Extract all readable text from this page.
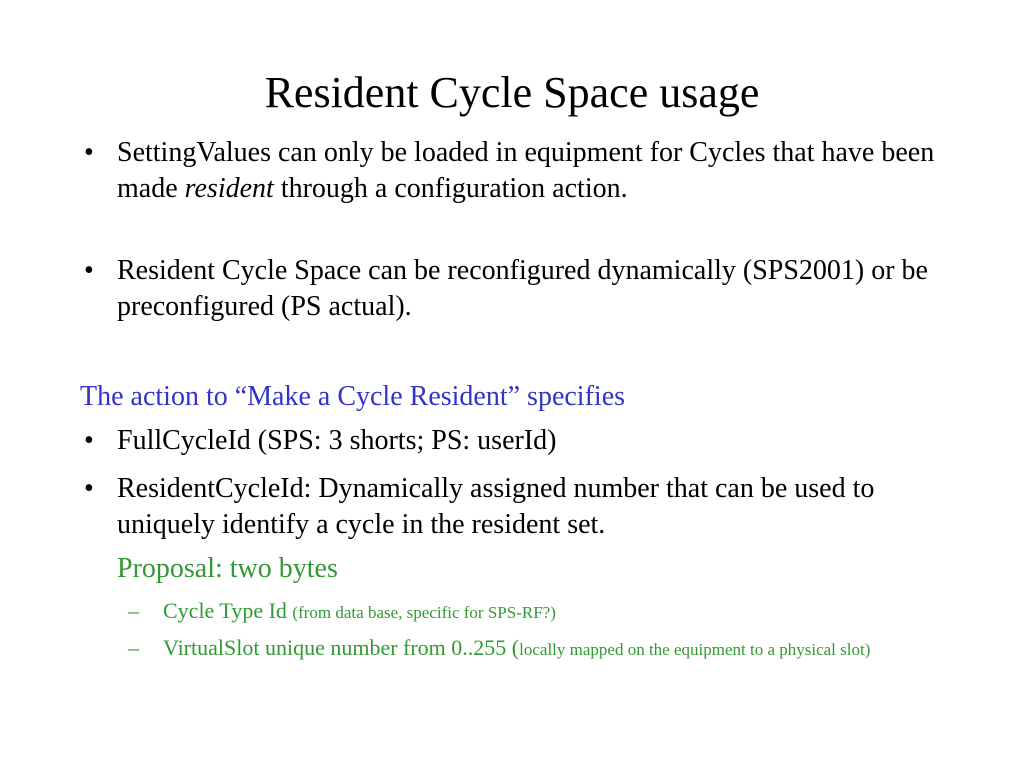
Resident Cycle Space usage
• SettingValues can only be loaded in equipment for Cycles that have been made resident through a configuration action.
• Resident Cycle Space can be reconfigured dynamically (SPS2001) or be preconfigured (PS actual).
The action to “Make a Cycle Resident” specifies
• FullCycleId (SPS: 3 shorts; PS: userId)
• ResidentCycleId: Dynamically assigned number that can be used to uniquely identify a cycle in the resident set.
Proposal: two bytes
– Cycle Type Id (from data base, specific for SPS-RF?)
– VirtualSlot unique number from 0..255 (locally mapped on the equipment to a physical slot)
